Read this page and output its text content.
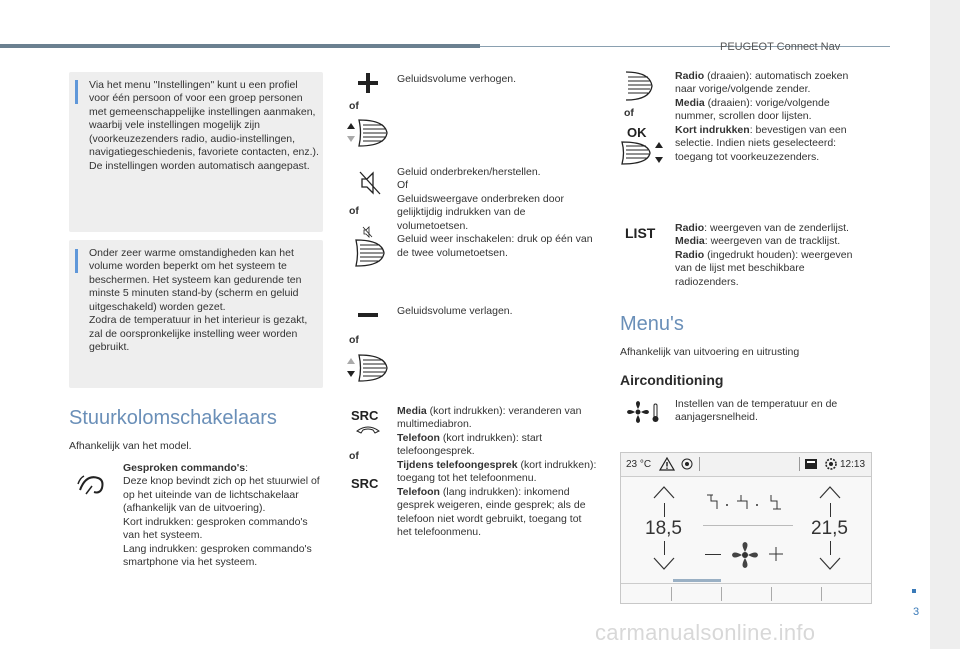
PEUGEOT Connect Nav
3
Via het menu "Instellingen" kunt u een profiel voor één persoon of voor een groep personen met gemeenschappelijke instellingen aanmaken, waarbij vele instellingen mogelijk zijn (voorkeuzezenders radio, audio-instellingen, navigatiegeschiedenis, favoriete contacten, enz.). De instellingen worden automatisch aangepast.
Onder zeer warme omstandigheden kan het volume worden beperkt om het systeem te beschermen. Het systeem kan gedurende ten minste 5 minuten stand-by (scherm en geluid uitgeschakeld) worden gezet.
Zodra de temperatuur in het interieur is gezakt, zal de oorspronkelijke instelling weer worden gebruikt.
Stuurkolomschakelaars
Afhankelijk van het model.
Gesproken commando's:
Deze knop bevindt zich op het stuurwiel of op het uiteinde van de lichtschakelaar (afhankelijk van de uitvoering).
Kort indrukken: gesproken commando's van het systeem.
Lang indrukken: gesproken commando's smartphone via het systeem.
of
Geluidsvolume verhogen.
of
Geluid onderbreken/herstellen.
Of
Geluidsweergave onderbreken door gelijktijdig indrukken van de volumetoetsen.
Geluid weer inschakelen: druk op één van de twee volumetoetsen.
of
Geluidsvolume verlagen.
SRC
of
SRC
Media (kort indrukken): veranderen van multimediabron.
Telefoon (kort indrukken): start telefoongesprek.
Tijdens telefoongesprek (kort indrukken): toegang tot het telefoonmenu.
Telefoon (lang indrukken): inkomend gesprek weigeren, einde gesprek; als de telefoon niet wordt gebruikt, toegang tot het telefoonmenu.
of
OK
Radio (draaien): automatisch zoeken naar vorige/volgende zender.
Media (draaien): vorige/volgende nummer, scrollen door lijsten.
Kort indrukken: bevestigen van een selectie. Indien niets geselecteerd: toegang tot voorkeuzezenders.
LIST Radio: weergeven van de zenderlijst.
Media: weergeven van de tracklijst.
Radio (ingedrukt houden): weergeven van de lijst met beschikbare radiozenders.
Menu's
Afhankelijk van uitvoering en uitrusting
Airconditioning
Instellen van de temperatuur en de aanjagersnelheid.
23 °C	12:13
18,5	21,5
carmanualsonline.info
